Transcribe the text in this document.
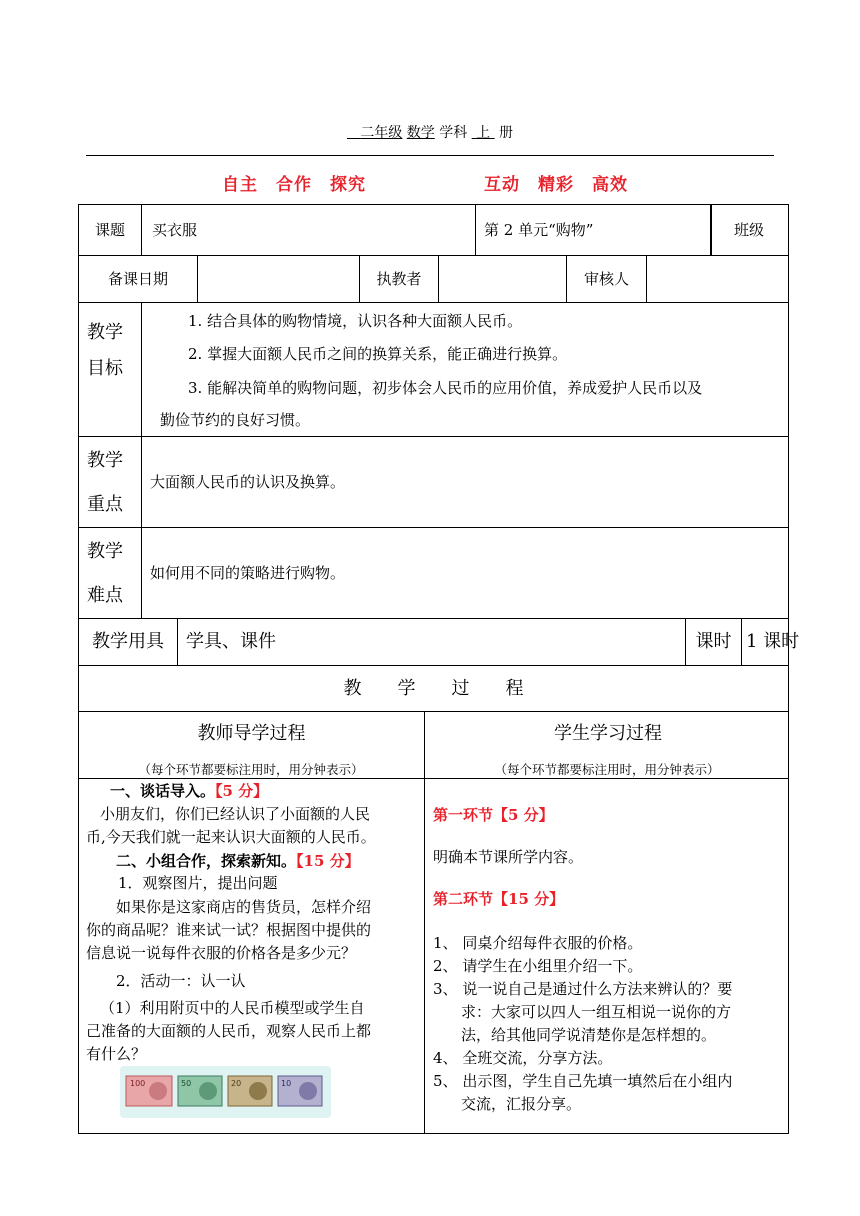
二年级 数学 学科 上 册
自主　合作　探究	互动　精彩　高效
课题 买衣服	第 2 单元“购物”	班级
备课日期	执教者	审核人
教学
目标
1. 结合具体的购物情境，认识各种大面额人民币。
2. 掌握大面额人民币之间的换算关系，能正确进行换算。
3. 能解决简单的购物问题，初步体会人民币的应用价值，养成爱护人民币以及
勤俭节约的良好习惯。
教学
重点
大面额人民币的认识及换算。
教学
难点
如何用不同的策略进行购物。
教学用具 学具、课件	课时 1 课时
教　　学　　过　　程
教师导学过程
（每个环节都要标注用时，用分钟表示）
学生学习过程
（每个环节都要标注用时，用分钟表示）
一、谈话导入。【5 分】
小朋友们，你们已经认识了小面额的人民
币,今天我们就一起来认识大面额的人民币。
二、小组合作，探索新知。【15 分】
1．观察图片，提出问题
如果你是这家商店的售货员，怎样介绍
你的商品呢？谁来试一试？根据图中提供的
信息说一说每件衣服的价格各是多少元？
2．活动一：认一认
（1）利用附页中的人民币模型或学生自
己准备的大面额的人民币，观察人民币上都
有什么？
100	50	20	10
第一环节【5 分】
明确本节课所学内容。
第二环节【15 分】
1、 同桌介绍每件衣服的价格。
2、 请学生在小组里介绍一下。
3、 说一说自己是通过什么方法来辨认的？要
求：大家可以四人一组互相说一说你的方
法，给其他同学说清楚你是怎样想的。
4、 全班交流，分享方法。
5、 出示图，学生自己先填一填然后在小组内
交流，汇报分享。
